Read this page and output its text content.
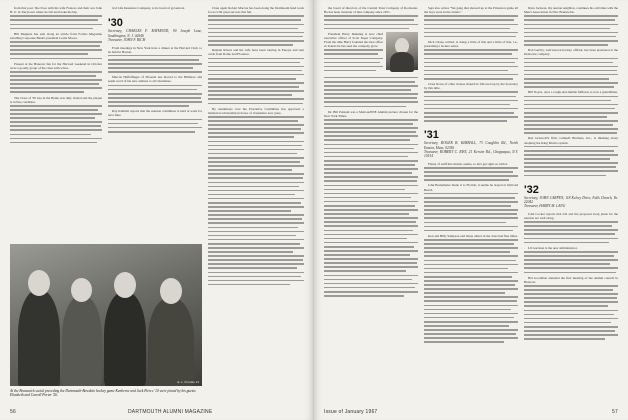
from that post. She lives with his wife Frances and their son John H. Jr. in Tarrytown where he fell and broke his hip.

Bill Magness has sent along an article from Forbes Magazine extolling Corporate Bank's president Leslie Moore.

Present at the Hanover Inn for the Harvard weekend in October were a goodly group of the class with wives.

The Class of '30 tree in the Bema was duly visited and the plaque is in fine condition.

ical Life Insurance Company, to its board of governors.

'30
Secretary, CHARLES F. RAYMOND, 90 Joseph Lane, Southington, N. J. 02646
Treasurer, JOHN F. RICH

From meetings in New York have a dinner at the Harvard Club, to be held in Boston.

Marcus Heffelfinger of Phoenix has moved to the Biltmore and sends word of his new address to all classmates.

Ray Kimball reports that the reunion committee is hard at work for next June.

Class agent Robert Marcus has been doing the Dartmouth fund work for us with great success this fall.

Reuben Rivers and his wife have been touring in Europe and sent cards from Rome and Florence.

By unanimous vote the Executive Committee has approved a memorial scholarship in honor of classmates now gone.

E. L. Kronlan 14
At the Brunswick social preceding the Dartmouth-Bowdoin hockey game Kenberne and Jack Pierce '14 were joined by his guests Elizabeth and Carroll Porter '26.
56	DARTMOUTH ALUMNI MAGAZINE

the board of directors of the Central Trust Company of Rochester. He has been treasurer of that company since 1951.

President Harry Dunning is now chief executive officer of Scott Paper Company. From the time Harry founded the trust office in Toledo he has seen the company grow.

Dr. Bill Putnam was a MAGAZINE Alumni picture chosen for the New York Times.

Sept also writes "We gang that showed up at the Princeton game all the boys were in the stands."

Dick Chase, retired, is doing a little of this and a little of that, i.e., presenting a lecture series.

Class Notes of other classes should be followed up by the Secretary by this time.

'31
Secretary, ROGER B. KIMBALL, 73 Coughlin Rd., North Easton, Mass. 02356
Treasurer, ROBERT C. RIST, 21 Kerwin Rd., Chappaqua, N.Y. 10514

Plenty of stuff this month, seems, so let's get right on with it.

John Bomemeier made it to Florida, it seems he stayed at Ormond Beach.

Ken and Billy Sampson and many others in the class had fine times.

Dave Jackson, my neuron neighbor, continues his activities with the Men's Association in New Brunswick.

Bob Gerrity, well known hockey official, has been promoted at the Delaware company.

Bill Noyes, once a rough-and-tumble fullback, is now a grandfather.

Red Griswold's firm, Grinnell Brothers, Inc., is thinking about adopting the King Morris system.

'32
Secretary, JOHN CARPEN, 118 Kelsey Drive, Falls Church, Va. 22042
Treasurer, HARRY M. LANG

John Cocker reports that Lilt and the proposed swap plans for the reunion are well along.

Lil Garrison is the new administrator.

Hal Goodman attended the first meeting of the alumni council in Hanover.

Issue of January 1967	57
